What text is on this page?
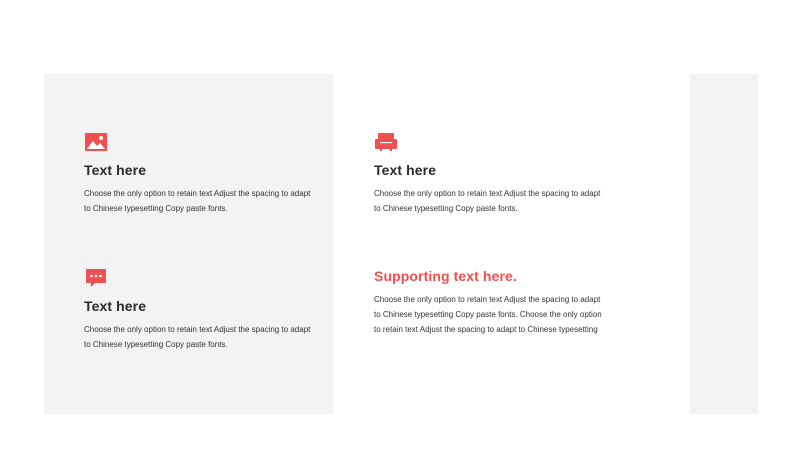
Text here
Choose the only option to retain text Adjust the spacing to adapt to Chinese typesetting Copy paste fonts.
Text here
Choose the only option to retain text Adjust the spacing to adapt to Chinese typesetting Copy paste fonts.
Text here
Choose the only option to retain text Adjust the spacing to adapt to Chinese typesetting Copy paste fonts.
Supporting text here.
Choose the only option to retain text Adjust the spacing to adapt to Chinese typesetting Copy paste fonts. Choose the only option to retain text Adjust the spacing to adapt to Chinese typesetting
